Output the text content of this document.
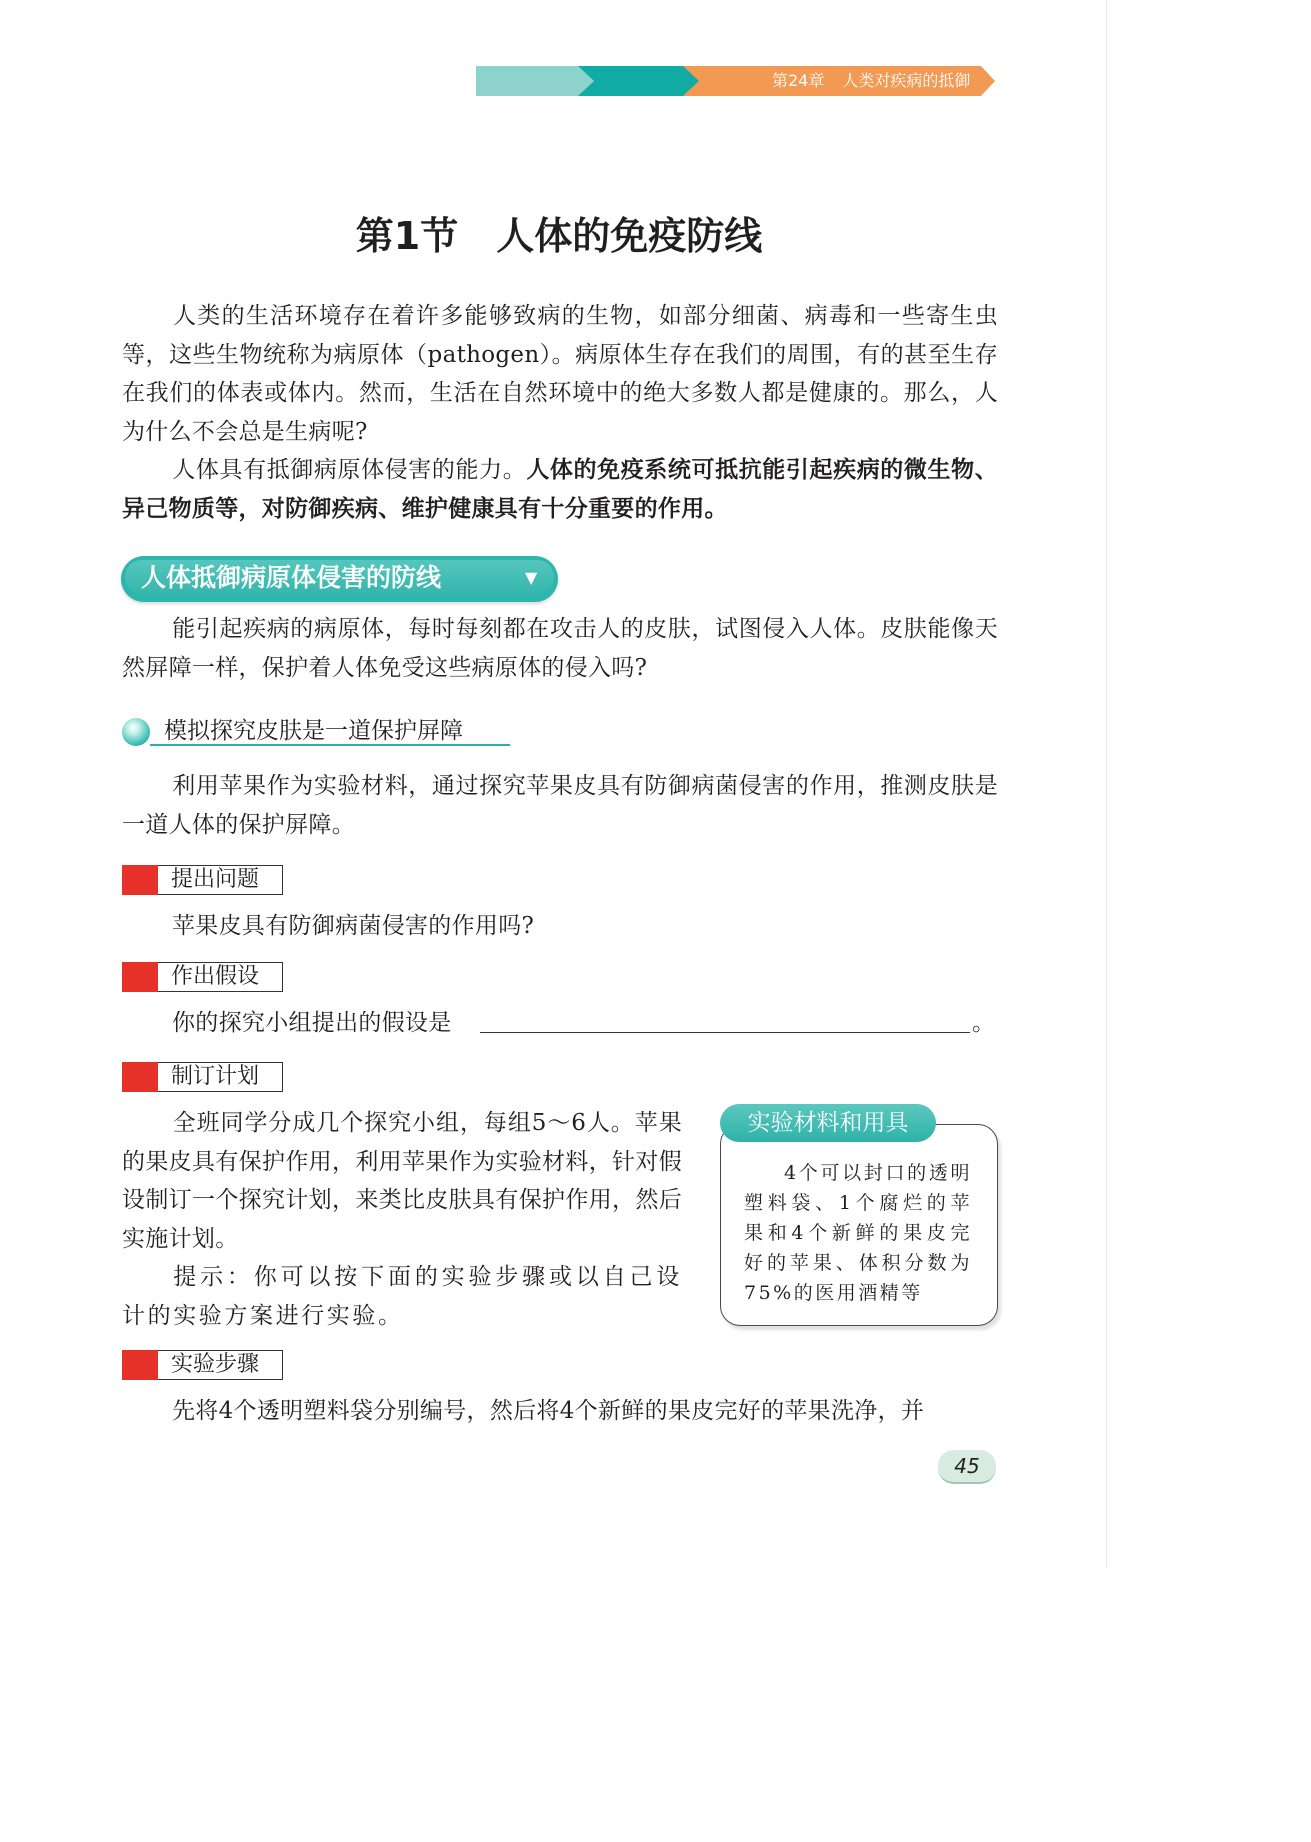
第24章 人类对疾病的抵御
第1节　人体的免疫防线
人类的生活环境存在着许多能够致病的生物，如部分细菌、病毒和一些寄生虫等，这些生物统称为病原体（pathogen）。病原体生存在我们的周围，有的甚至生存在我们的体表或体内。然而，生活在自然环境中的绝大多数人都是健康的。那么，人为什么不会总是生病呢?
人体具有抵御病原体侵害的能力。人体的免疫系统可抵抗能引起疾病的微生物、异己物质等，对防御疾病、维护健康具有十分重要的作用。
人体抵御病原体侵害的防线	▼
能引起疾病的病原体，每时每刻都在攻击人的皮肤，试图侵入人体。皮肤能像天然屏障一样，保护着人体免受这些病原体的侵入吗?
模拟探究皮肤是一道保护屏障
利用苹果作为实验材料，通过探究苹果皮具有防御病菌侵害的作用，推测皮肤是一道人体的保护屏障。
提出问题
苹果皮具有防御病菌侵害的作用吗?
作出假设
你的探究小组提出的假设是	。
制订计划
全班同学分成几个探究小组，每组5～6人。苹果的果皮具有保护作用，利用苹果作为实验材料，针对假设制订一个探究计划，来类比皮肤具有保护作用，然后实施计划。
提示：你可以按下面的实验步骤或以自己设计的实验方案进行实验。
实验材料和用具
4个可以封口的透明塑料袋、1个腐烂的苹果和4个新鲜的果皮完好的苹果、体积分数为75%的医用酒精等
实验步骤
先将4个透明塑料袋分别编号，然后将4个新鲜的果皮完好的苹果洗净，并
45
